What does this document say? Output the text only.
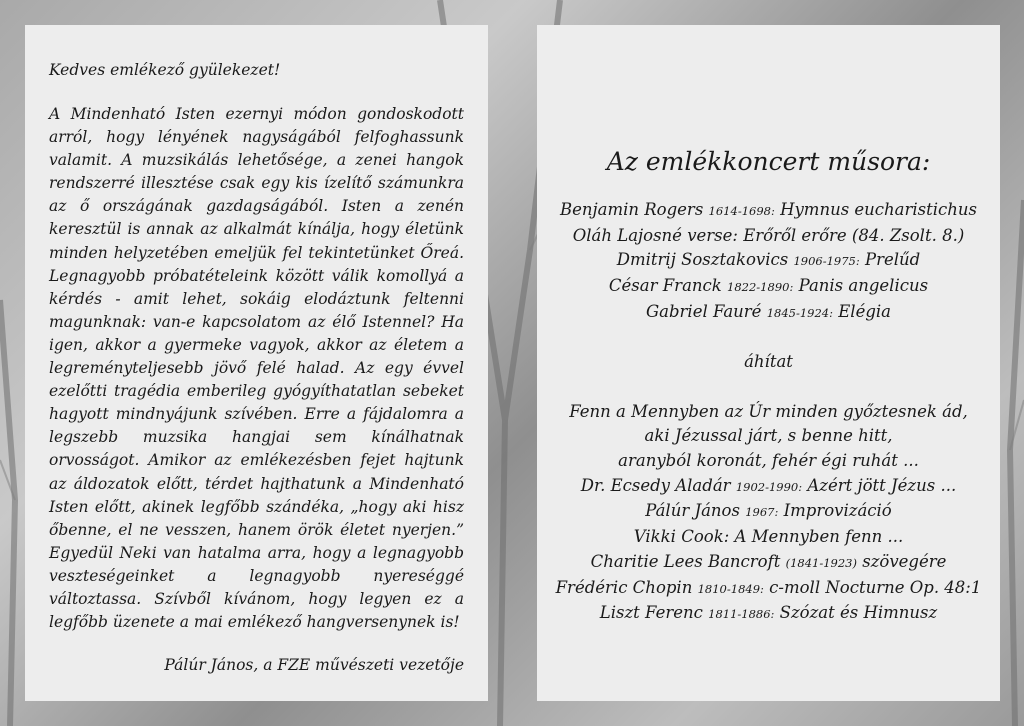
Kedves emlékező gyülekezet!

A Mindenható Isten ezernyi módon gondoskodott arról, hogy lényének nagyságából felfoghassunk valamit. A muzsikálás lehetősége, a zenei hangok rendszerré illesztése csak egy kis ízelítő számunkra az ő országának gazdagságából. Isten a zenén keresztül is annak az alkalmát kínálja, hogy életünk minden helyzetében emeljük fel tekintetünket Őreá. Legnagyobb próbatételeink között válik komollyá a kérdés - amit lehet, sokáig elodáztunk feltenni magunknak: van-e kapcsolatom az élő Istennel? Ha igen, akkor a gyermeke vagyok, akkor az életem a legreményteljesebb jövő felé halad. Az egy évvel ezelőtti tragédia emberileg gyógyíthatatlan sebeket hagyott mindnyájunk szívében. Erre a fájdalomra a legszebb muzsika hangjai sem kínálhatnak orvosságot. Amikor az emlékezésben fejet hajtunk az áldozatok előtt, térdet hajthatunk a Mindenható Isten előtt, akinek legfőbb szándéka, „hogy aki hisz őbenne, el ne vesszen, hanem örök életet nyerjen.” Egyedül Neki van hatalma arra, hogy a legnagyobb veszteségeinket a legnagyobb nyereséggé változtassa. Szívből kívánom, hogy legyen ez a legfőbb üzenete a mai emlékező hangversenynek is!

Pálúr János, a FZE művészeti vezetője
Az emlékkoncert műsora:
Benjamin Rogers 1614-1698: Hymnus eucharistichus
Oláh Lajosné verse: Erőről erőre (84. Zsolt. 8.)
Dmitrij Sosztakovics 1906-1975: Prelűd
César Franck 1822-1890: Panis angelicus
Gabriel Fauré 1845-1924: Elégia
áhítat
Fenn a Mennyben az Úr minden győztesnek ád,
aki Jézussal járt, s benne hitt,
aranyból koronát, fehér égi ruhát ...
Dr. Ecsedy Aladár 1902-1990: Azért jött Jézus ...
Pálúr János 1967: Improvizáció
Vikki Cook: A Mennyben fenn ...
Charitie Lees Bancroft (1841-1923) szövegére
Frédéric Chopin 1810-1849: c-moll Nocturne Op. 48:1
Liszt Ferenc 1811-1886: Szózat és Himnusz
